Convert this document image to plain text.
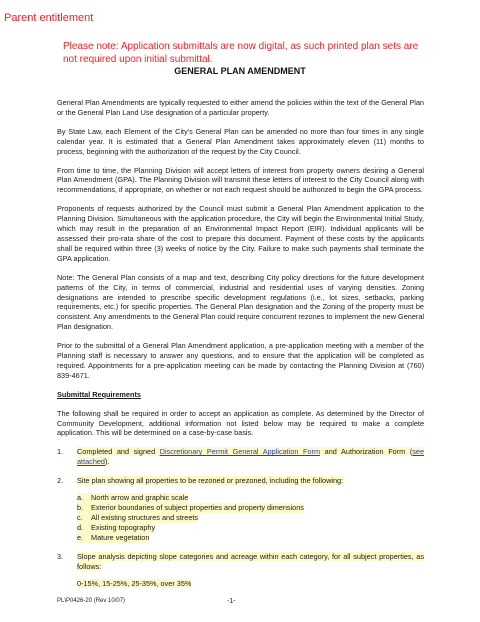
Parent entitlement
Please note: Application submittals are now digital, as such printed plan sets are not required upon initial submittal.
GENERAL PLAN AMENDMENT

General Plan Amendments are typically requested to either amend the policies within the text of the General Plan or the General Plan Land Use designation of a particular property.

By State Law, each Element of the City's General Plan can be amended no more than four times in any single calendar year. It is estimated that a General Plan Amendment takes approximately eleven (11) months to process, beginning with the authorization of the request by the City Council.

From time to time, the Planning Division will accept letters of interest from property owners desiring a General Plan Amendment (GPA). The Planning Division will transmit these letters of interest to the City Council along with recommendations, if appropriate, on whether or not each request should be authorized to begin the GPA process.

Proponents of requests authorized by the Council must submit a General Plan Amendment application to the Planning Division. Simultaneous with the application procedure, the City will begin the Environmental Initial Study, which may result in the preparation of an Environmental Impact Report (EIR). Individual applicants will be assessed their pro-rata share of the cost to prepare this document. Payment of these costs by the applicants shall be required within three (3) weeks of notice by the City. Failure to make such payments shall terminate the GPA application.

Note: The General Plan consists of a map and text, describing City policy directions for the future development patterns of the City, in terms of commercial, industrial and residential uses of varying densities. Zoning designations are intended to prescribe specific development regulations (i.e., lot sizes, setbacks, parking requirements, etc.) for specific properties. The General Plan designation and the Zoning of the property must be consistent. Any amendments to the General Plan could require concurrent rezones to implement the new General Plan designation.

Prior to the submittal of a General Plan Amendment application, a pre-application meeting with a member of the Planning staff is necessary to answer any questions, and to ensure that the application will be completed as required. Appointments for a pre-application meeting can be made by contacting the Planning Division at (760) 839-4671.

Submittal Requirements

The following shall be required in order to accept an application as complete. As determined by the Director of Community Development, additional information not listed below may be required to make a complete application. This will be determined on a case-by-case basis.

1.	Completed and signed Discretionary Permit General Application Form and Authorization Form (see attached).
2.	Site plan showing all properties to be rezoned or prezoned, including the following:
a.	North arrow and graphic scale
b.	Exterior boundaries of subject properties and property dimensions
c.	All existing structures and streets
d.	Existing topography
e.	Mature vegetation
3.	Slope analysis depicting slope categories and acreage within each category, for all subject properties, as follows:
0-15%, 15-25%, 25-35%, over 35%
PL\P0426-20 (Rev 10/07)	-1-
